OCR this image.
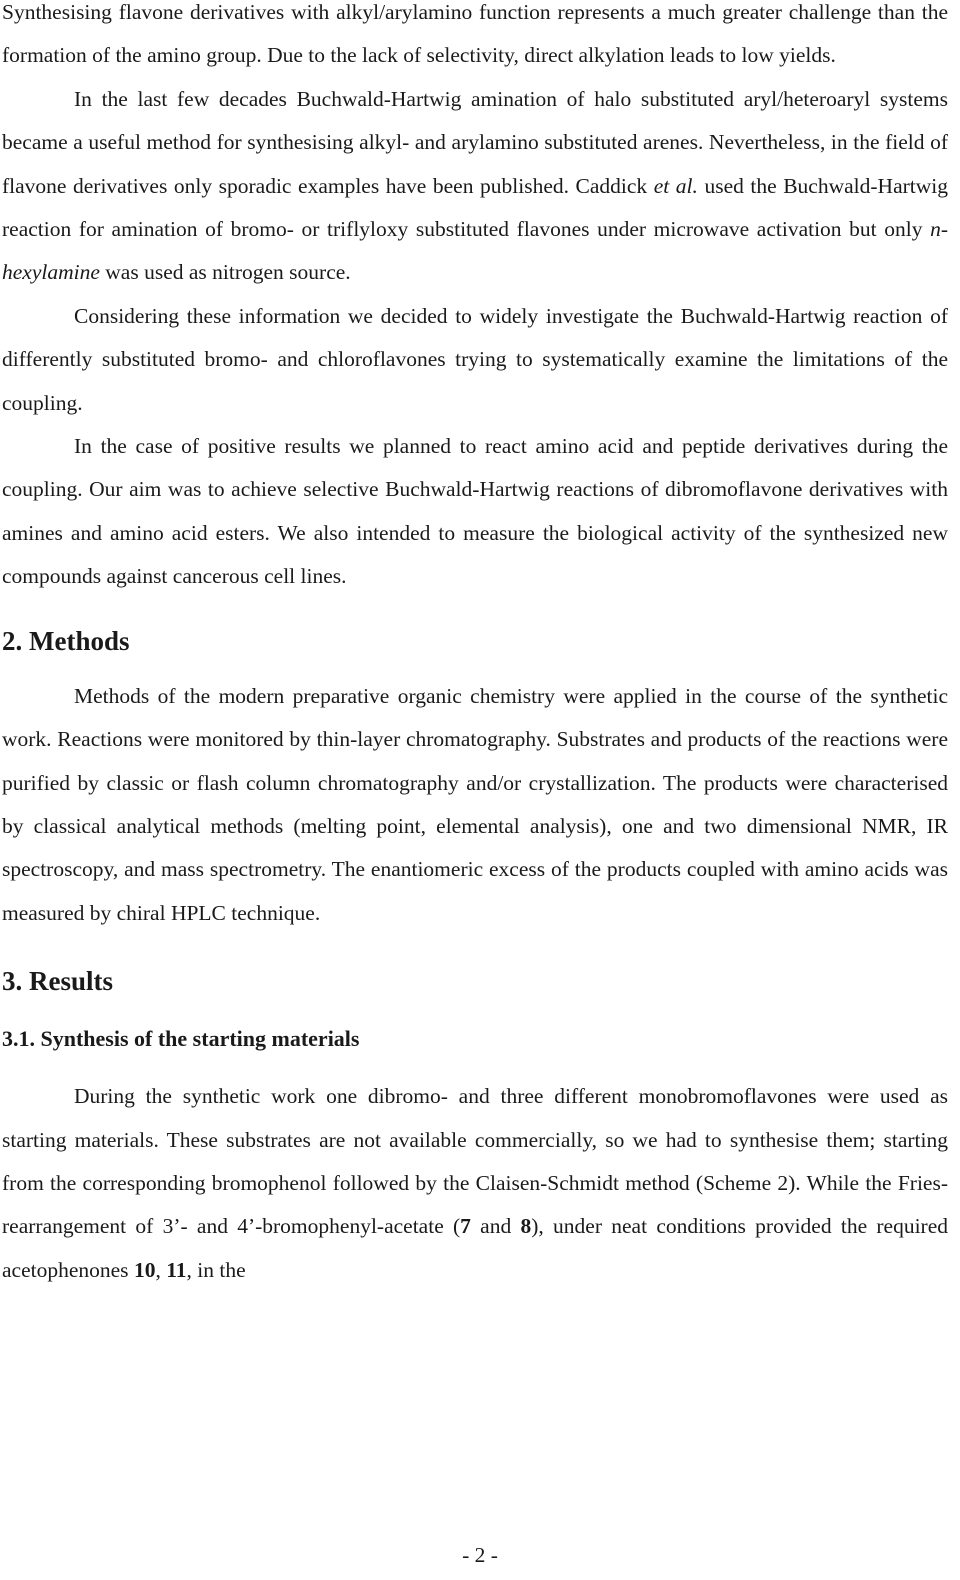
Synthesising flavone derivatives with alkyl/arylamino function represents a much greater challenge than the formation of the amino group. Due to the lack of selectivity, direct alkylation leads to low yields.

In the last few decades Buchwald-Hartwig amination of halo substituted aryl/heteroaryl systems became a useful method for synthesising alkyl- and arylamino substituted arenes. Nevertheless, in the field of flavone derivatives only sporadic examples have been published. Caddick et al. used the Buchwald-Hartwig reaction for amination of bromo- or triflyloxy substituted flavones under microwave activation but only n-hexylamine was used as nitrogen source.

Considering these information we decided to widely investigate the Buchwald-Hartwig reaction of differently substituted bromo- and chloroflavones trying to systematically examine the limitations of the coupling.

In the case of positive results we planned to react amino acid and peptide derivatives during the coupling. Our aim was to achieve selective Buchwald-Hartwig reactions of dibromoflavone derivatives with amines and amino acid esters. We also intended to measure the biological activity of the synthesized new compounds against cancerous cell lines.

2. Methods

Methods of the modern preparative organic chemistry were applied in the course of the synthetic work. Reactions were monitored by thin-layer chromatography. Substrates and products of the reactions were purified by classic or flash column chromatography and/or crystallization. The products were characterised by classical analytical methods (melting point, elemental analysis), one and two dimensional NMR, IR spectroscopy, and mass spectrometry. The enantiomeric excess of the products coupled with amino acids was measured by chiral HPLC technique.

3. Results
3.1. Synthesis of the starting materials

During the synthetic work one dibromo- and three different monobromoflavones were used as starting materials. These substrates are not available commercially, so we had to synthesise them; starting from the corresponding bromophenol followed by the Claisen-Schmidt method (Scheme 2). While the Fries-rearrangement of 3’- and 4’-bromophenyl-acetate (7 and 8), under neat conditions provided the required acetophenones 10, 11, in the

- 2 -
